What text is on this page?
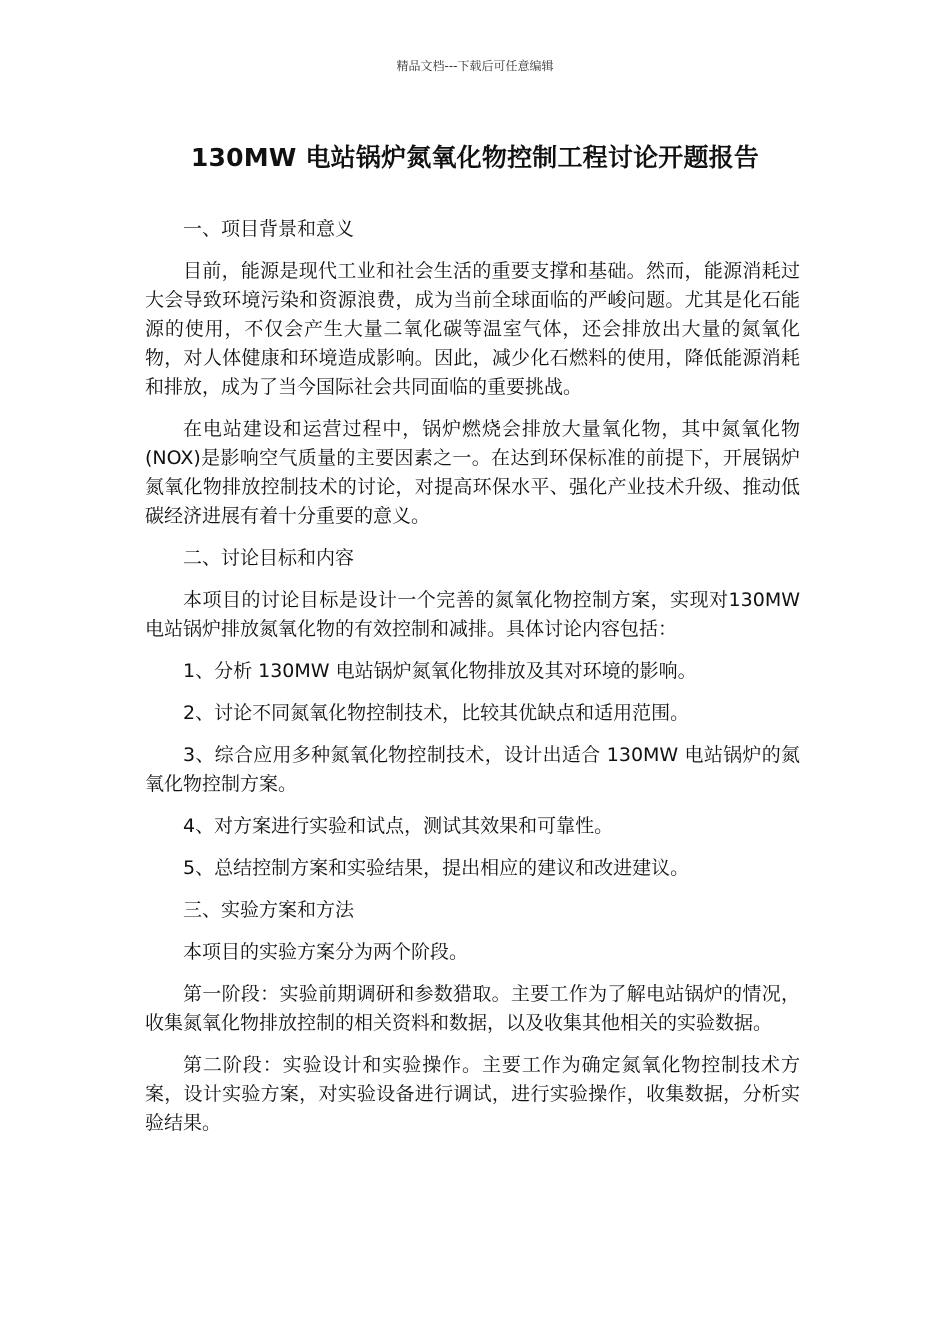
精品文档---下载后可任意编辑
130MW 电站锅炉氮氧化物控制工程讨论开题报告

一、项目背景和意义

目前，能源是现代工业和社会生活的重要支撑和基础。然而，能源消耗过大会导致环境污染和资源浪费，成为当前全球面临的严峻问题。尤其是化石能源的使用，不仅会产生大量二氧化碳等温室气体，还会排放出大量的氮氧化物，对人体健康和环境造成影响。因此，减少化石燃料的使用，降低能源消耗和排放，成为了当今国际社会共同面临的重要挑战。

在电站建设和运营过程中，锅炉燃烧会排放大量氧化物，其中氮氧化物(NOX)是影响空气质量的主要因素之一。在达到环保标准的前提下，开展锅炉氮氧化物排放控制技术的讨论，对提高环保水平、强化产业技术升级、推动低碳经济进展有着十分重要的意义。

二、讨论目标和内容

本项目的讨论目标是设计一个完善的氮氧化物控制方案，实现对130MW 电站锅炉排放氮氧化物的有效控制和减排。具体讨论内容包括：

1、分析 130MW 电站锅炉氮氧化物排放及其对环境的影响。

2、讨论不同氮氧化物控制技术，比较其优缺点和适用范围。

3、综合应用多种氮氧化物控制技术，设计出适合 130MW 电站锅炉的氮氧化物控制方案。

4、对方案进行实验和试点，测试其效果和可靠性。

5、总结控制方案和实验结果，提出相应的建议和改进建议。

三、实验方案和方法

本项目的实验方案分为两个阶段。

第一阶段：实验前期调研和参数猎取。主要工作为了解电站锅炉的情况，收集氮氧化物排放控制的相关资料和数据，以及收集其他相关的实验数据。

第二阶段：实验设计和实验操作。主要工作为确定氮氧化物控制技术方案，设计实验方案，对实验设备进行调试，进行实验操作，收集数据，分析实验结果。
